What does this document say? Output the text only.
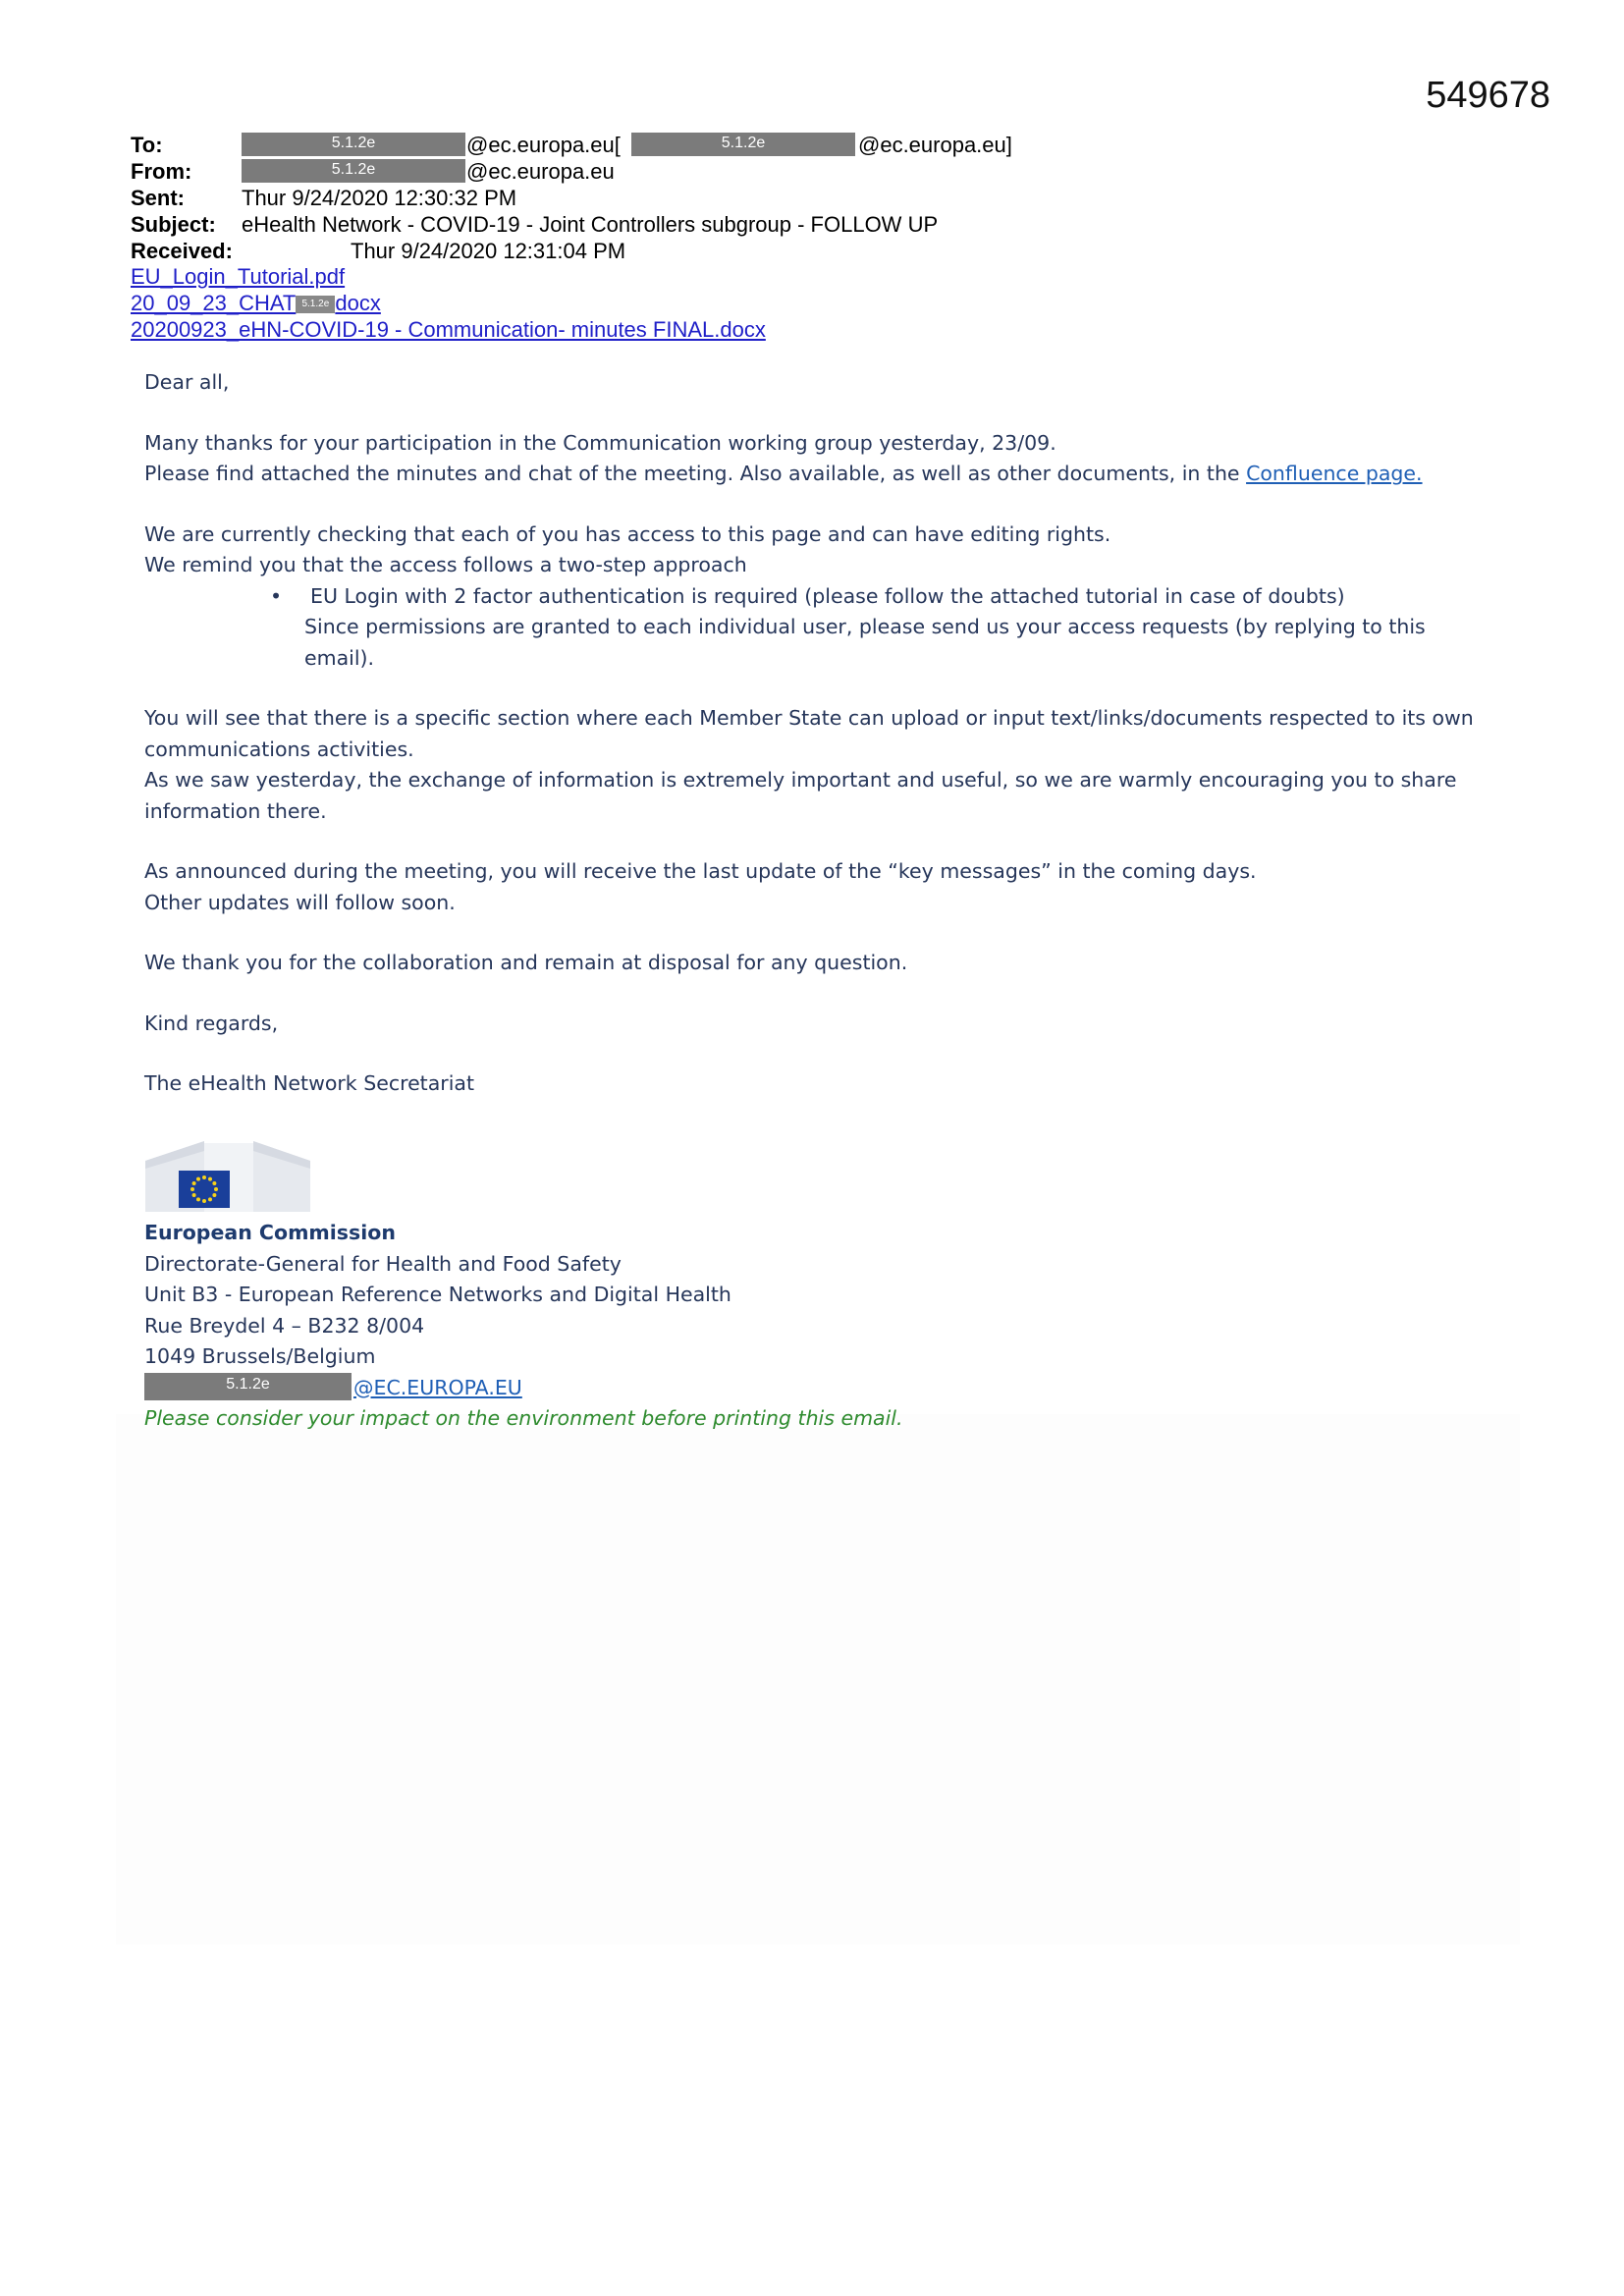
549678
To:	5.1.2e	@ec.europa.eu[	5.1.2e	@ec.europa.eu]
From:	5.1.2e	@ec.europa.eu
Sent:	Thur 9/24/2020 12:30:32 PM
Subject: eHealth Network - COVID-19 - Joint Controllers subgroup - FOLLOW UP
Received:	Thur 9/24/2020 12:31:04 PM
EU_Login_Tutorial.pdf
20_09_23_CHAT 5.1.2e docx
20200923_eHN-COVID-19 - Communication- minutes FINAL.docx

Dear all,

Many thanks for your participation in the Communication working group yesterday, 23/09.

Please find attached the minutes and chat of the meeting. Also available, as well as other documents, in the Confluence page.

We are currently checking that each of you has access to this page and can have editing rights.

We remind you that the access follows a two-step approach

• EU Login with 2 factor authentication is required (please follow the attached tutorial in case of doubts)

Since permissions are granted to each individual user, please send us your access requests (by replying to this email).

You will see that there is a specific section where each Member State can upload or input text/links/documents respected to its own communications activities.

As we saw yesterday, the exchange of information is extremely important and useful, so we are warmly encouraging you to share information there.

As announced during the meeting, you will receive the last update of the “key messages” in the coming days.

Other updates will follow soon.

We thank you for the collaboration and remain at disposal for any question.

Kind regards,

The eHealth Network Secretariat

European Commission
Directorate-General for Health and Food Safety
Unit B3 - European Reference Networks and Digital Health
Rue Breydel 4 – B232 8/004
1049 Brussels/Belgium
5.1.2e	@EC.EUROPA.EU
Please consider your impact on the environment before printing this email.
